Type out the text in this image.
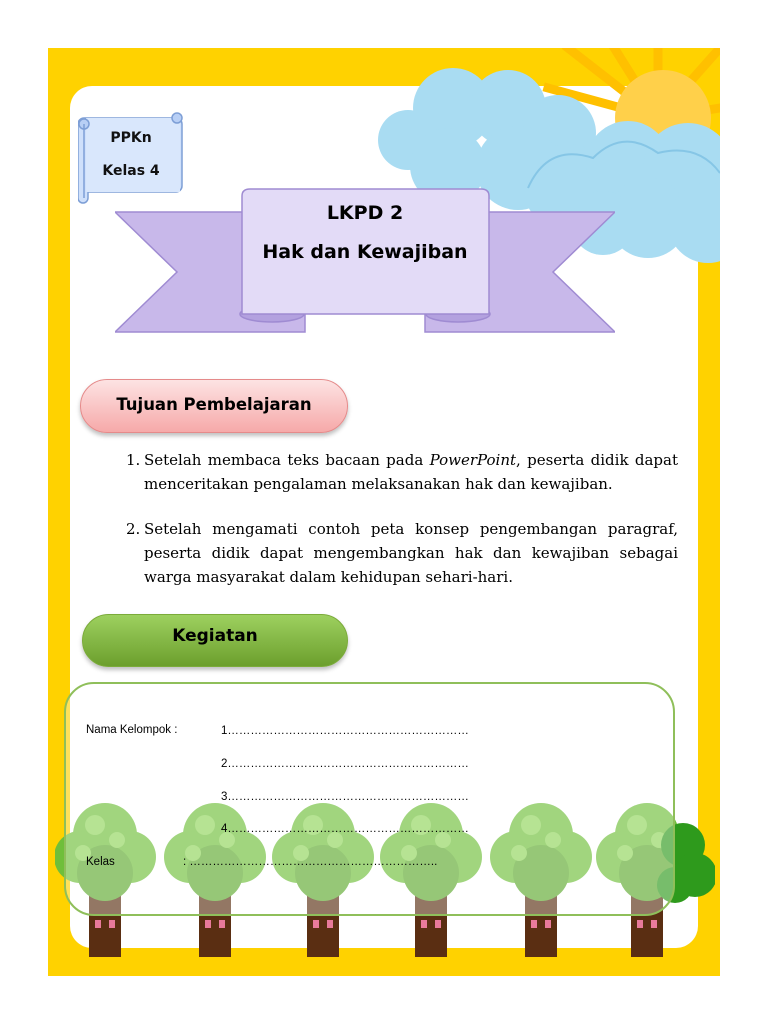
PPKn
Kelas 4
LKPD 2
Hak dan Kewajiban
Tujuan Pembelajaran
1. Setelah membaca teks bacaan pada PowerPoint, peserta didik dapat menceritakan pengalaman melaksanakan hak dan kewajiban.
2. Setelah mengamati contoh peta konsep pengembangan paragraf, peserta didik dapat mengembangkan hak dan kewajiban sebagai warga masyarakat dalam kehidupan sehari-hari.
Kegiatan
Nama Kelompok :	1………………………………………………………
2………………………………………………………
3………………………………………………………
4………………………………………………………
Kelas	: ………………………………………………………..
